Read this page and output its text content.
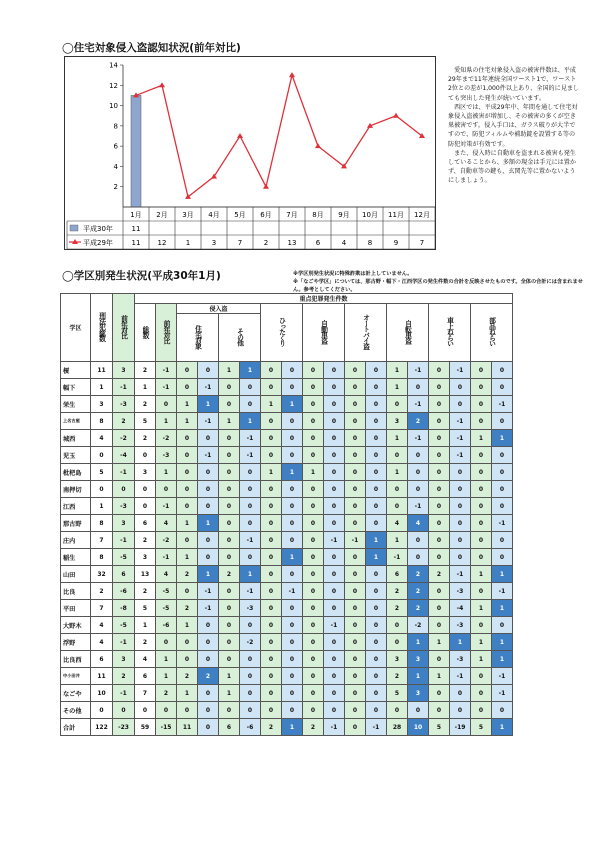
◯住宅対象侵入盗認知状況(前年対比)
2
4
6
8
10
12
14
1月 2月 3月 4月 5月 6月 7月 8月 9月 10月 11月 12月
平成30年	11
平成29年	11 12	1	3	7	2	13	6	4	8	9	7

愛知県の住宅対象侵入盗の被害件数は、平成29年まで11年連続全国ワースト1で、ワースト2位との差が1,000件以上あり、全国的に見ましても突出した発生が続いています。

西区では、平成29年中、年間を通して住宅対象侵入盗被害が増加し、その被害の多くが空き巣被害です。侵入手口は、ガラス破りが大半ですので、防犯フィルムや補助錠を設置する等の防犯対策が有効です。

また、侵入時に自動車を盗まれる被害も発生していることから、多額の現金は手元には置かず、自動車等の鍵も、玄関先等に置かないようにしましょう。

◯学区別発生状況(平成30年1月)	※学区別発生状況に特殊詐欺は計上していません。
※「なごや学区」については、那古野・幅下・江西学区の発生件数の合計を反映させたものです。全体の合計には含まれません。参考としてください。
学区	刑法犯総数	前年対比	重点犯罪発生件数																	
			総数	前年対比	侵入盗				ひったくり		自動車盗		オートバイ盗		自転車盗		車上ねらい		部品ねらい	
					住宅対象		その他													
榎	11	3	2	-1	0	0	1	1	0	0	0	0	0	0	1	-1	0	-1	0	0
幅下	1	-1	1	-1	0	-1	0	0	0	0	0	0	0	0	1	0	0	0	0	0
栄生	3	-3	2	0	1	1	0	0	1	1	0	0	0	0	0	-1	0	0	0	-1
上名古屋	8	2	5	1	1	-1	1	1	0	0	0	0	0	0	3	2	0	-1	0	0
城西	4	-2	2	-2	0	0	0	-1	0	0	0	0	0	0	1	-1	0	-1	1	1
児玉	0	-4	0	-3	0	-1	0	-1	0	0	0	0	0	0	0	0	0	-1	0	0
枇杷島	5	-1	3	1	0	0	0	0	1	1	1	0	0	0	1	0	0	0	0	0
南押切	0	0	0	0	0	0	0	0	0	0	0	0	0	0	0	0	0	0	0	0
江西	1	-3	0	-1	0	0	0	0	0	0	0	0	0	0	0	-1	0	0	0	0
那古野	8	3	6	4	1	1	0	0	0	0	0	0	0	0	4	4	0	0	0	-1
庄内	7	-1	2	-2	0	0	0	-1	0	0	0	-1	-1	1	1	0	0	0	0	0
稲生	8	-5	3	-1	1	0	0	0	0	1	0	0	0	1	-1	0	0	0	0	0
山田	32	6	13	4	2	1	2	1	0	0	0	0	0	0	6	2	2	-1	1	1
比良	2	-6	2	-5	0	-1	0	-1	0	-1	0	0	0	0	2	2	0	-3	0	-1
平田	7	-8	5	-5	2	-1	0	-3	0	0	0	0	0	0	2	2	0	-4	1	1
大野木	4	-5	1	-6	1	0	0	0	0	0	0	-1	0	0	0	-2	0	-3	0	0
浮野	4	-1	2	0	0	0	0	-2	0	0	0	0	0	0	0	1	1	1	1	1
比良西	6	3	4	1	0	0	0	0	0	0	0	0	0	0	3	3	0	-3	1	1
中小田井	11	2	6	1	2	2	1	0	0	0	0	0	0	0	2	1	1	-1	0	-1
なごや	10	-1	7	2	1	0	1	0	0	0	0	0	0	0	5	3	0	0	0	-1
その他	0	0	0	0	0	0	0	0	0	0	0	0	0	0	0	0	0	0	0	0
合計	122	-23	59	-15	11	0	6	-6	2	1	2	-1	0	-1	28	10	5	-19	5	1
